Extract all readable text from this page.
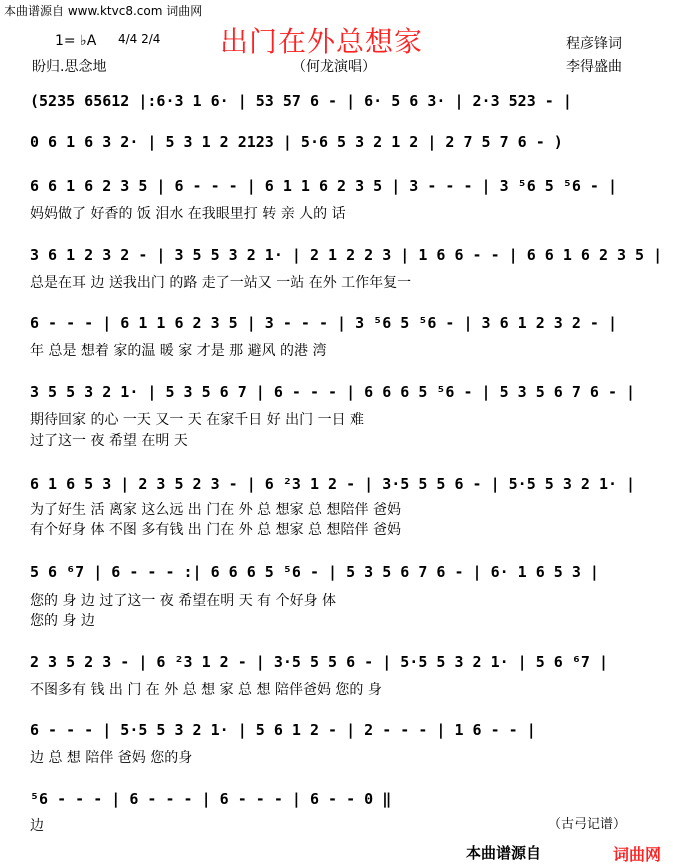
本曲谱源自 www.ktvc8.com 词曲网
出门在外总想家
1= ♭A 4/4 2/4
盼归.思念地	（何龙演唱）
程彦锋词
李得盛曲
(5235 65612 |:6·3 1 6· | 53 57 6 - | 6· 5 6 3· | 2·3 523 - |
0 6 1 6 3 2· | 5 3 1 2 2123 | 5·6 5 3 2 1 2 | 2 7 5 7 6 - )
6 6 1 6 2 3 5 | 6 - - - | 6 1 1 6 2 3 5 | 3 - - - | 3 ⁵6 5 ⁵6 - |
妈妈做了 好香的 饭 泪水 在我眼里打 转 亲 人的 话
3 6 1 2 3 2 - | 3 5 5 3 2 1· | 2 1 2 2 3 | 1 6 6 - - | 6 6 1 6 2 3 5 |
总是在耳 边 送我出门 的路 走了一站又 一站 在外 工作年复一
6 - - - | 6 1 1 6 2 3 5 | 3 - - - | 3 ⁵6 5 ⁵6 - | 3 6 1 2 3 2 - |
年 总是 想着 家的温 暖 家 才是 那 避风 的港 湾
3 5 5 3 2 1· | 5 3 5 6 7 | 6 - - - | 6 6 6 5 ⁵6 - | 5 3 5 6 7 6 - |
期待回家 的心 一天 又一 天 在家千日 好 出门 一日 难
过了这一 夜 希望 在明 天
6 1 6 5 3 | 2 3 5 2 3 - | 6 ²3 1 2 - | 3·5 5 5 6 - | 5·5 5 3 2 1· |
为了好生 活 离家 这么远 出 门在 外 总 想家 总 想陪伴 爸妈
有个好身 体 不图 多有钱 出 门在 外 总 想家 总 想陪伴 爸妈
5 6 ⁶7 | 6 - - - :| 6 6 6 5 ⁵6 - | 5 3 5 6 7 6 - | 6· 1 6 5 3 |
您的 身 边 过了这一 夜 希望在明 天 有 个好身 体
您的 身 边
2 3 5 2 3 - | 6 ²3 1 2 - | 3·5 5 5 6 - | 5·5 5 3 2 1· | 5 6 ⁶7 |
不图多有 钱 出 门 在 外 总 想 家 总 想 陪伴爸妈 您的 身
6 - - - | 5·5 5 3 2 1· | 5 6 1 2 - | 2 - - - | 1 6 - - |
边 总 想 陪伴 爸妈 您的身
⁵6 - - - | 6 - - - | 6 - - - | 6 - - 0 ‖
边	（古弓记谱）
本曲谱源自	词曲网
